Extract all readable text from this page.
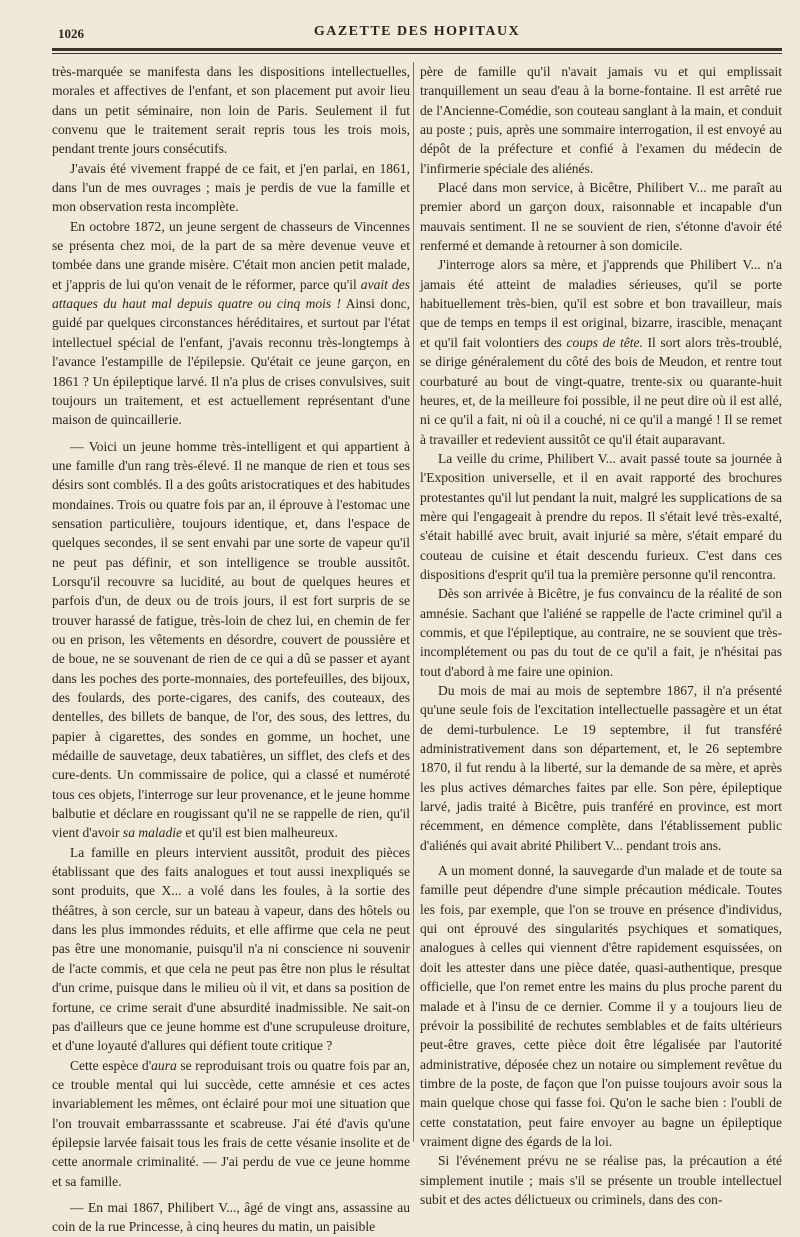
1026	GAZETTE DES HOPITAUX

très-marquée se manifesta dans les dispositions intellectuelles, morales et affectives de l'enfant, et son placement put avoir lieu dans un petit séminaire, non loin de Paris. Seulement il fut convenu que le traitement serait repris tous les trois mois, pendant trente jours consécutifs.

J'avais été vivement frappé de ce fait, et j'en parlai, en 1861, dans l'un de mes ouvrages ; mais je perdis de vue la famille et mon observation resta incomplète.

En octobre 1872, un jeune sergent de chasseurs de Vincennes se présenta chez moi, de la part de sa mère devenue veuve et tombée dans une grande misère. C'était mon ancien petit malade, et j'appris de lui qu'on venait de le réformer, parce qu'il avait des attaques du haut mal depuis quatre ou cinq mois ! Ainsi donc, guidé par quelques circonstances héréditaires, et surtout par l'état intellectuel spécial de l'enfant, j'avais reconnu très-longtemps à l'avance l'estampille de l'épilepsie. Qu'était ce jeune garçon, en 1861 ? Un épileptique larvé. Il n'a plus de crises convulsives, suit toujours un traitement, et est actuellement représentant d'une maison de quincaillerie.

— Voici un jeune homme très-intelligent et qui appartient à une famille d'un rang très-élevé. Il ne manque de rien et tous ses désirs sont comblés. Il a des goûts aristocratiques et des habitudes mondaines. Trois ou quatre fois par an, il éprouve à l'estomac une sensation particulière, toujours identique, et, dans l'espace de quelques secondes, il se sent envahi par une sorte de vapeur qu'il ne peut pas définir, et son intelligence se trouble aussitôt. Lorsqu'il recouvre sa lucidité, au bout de quelques heures et parfois d'un, de deux ou de trois jours, il est fort surpris de se trouver harassé de fatigue, très-loin de chez lui, en chemin de fer ou en prison, les vêtements en désordre, couvert de poussière et de boue, ne se souvenant de rien de ce qui a dû se passer et ayant dans les poches des porte-monnaies, des portefeuilles, des bijoux, des foulards, des porte-cigares, des canifs, des couteaux, des dentelles, des billets de banque, de l'or, des sous, des lettres, du papier à cigarettes, des sondes en gomme, un hochet, une médaille de sauvetage, deux tabatières, un sifflet, des clefs et des cure-dents. Un commissaire de police, qui a classé et numéroté tous ces objets, l'interroge sur leur provenance, et le jeune homme balbutie et déclare en rougissant qu'il ne se rappelle de rien, qu'il vient d'avoir sa maladie et qu'il est bien malheureux.

La famille en pleurs intervient aussitôt, produit des pièces établissant que des faits analogues et tout aussi inexpliqués se sont produits, que X... a volé dans les foules, à la sortie des théâtres, à son cercle, sur un bateau à vapeur, dans des hôtels ou dans les plus immondes réduits, et elle affirme que cela ne peut pas être une monomanie, puisqu'il n'a ni conscience ni souvenir de l'acte commis, et que cela ne peut pas être non plus le résultat d'un crime, puisque dans le milieu où il vit, et dans sa position de fortune, ce crime serait d'une absurdité inadmissible. Ne sait-on pas d'ailleurs que ce jeune homme est d'une scrupuleuse droiture, et d'une loyauté d'allures qui défient toute critique ?

Cette espèce d'aura se reproduisant trois ou quatre fois par an, ce trouble mental qui lui succède, cette amnésie et ces actes invariablement les mêmes, ont éclairé pour moi une situation que l'on trouvait embarrasssante et scabreuse. J'ai été d'avis qu'une épilepsie larvée faisait tous les frais de cette vésanie insolite et de cette anormale criminalité. — J'ai perdu de vue ce jeune homme et sa famille.

— En mai 1867, Philibert V..., âgé de vingt ans, assassine au coin de la rue Princesse, à cinq heures du matin, un paisible

père de famille qu'il n'avait jamais vu et qui emplissait tranquillement un seau d'eau à la borne-fontaine. Il est arrêté rue de l'Ancienne-Comédie, son couteau sanglant à la main, et conduit au poste ; puis, après une sommaire interrogation, il est envoyé au dépôt de la préfecture et confié à l'examen du médecin de l'infirmerie spéciale des aliénés.

Placé dans mon service, à Bicêtre, Philibert V... me paraît au premier abord un garçon doux, raisonnable et incapable d'un mauvais sentiment. Il ne se souvient de rien, s'étonne d'avoir été renfermé et demande à retourner à son domicile.

J'interroge alors sa mère, et j'apprends que Philibert V... n'a jamais été atteint de maladies sérieuses, qu'il se porte habituellement très-bien, qu'il est sobre et bon travailleur, mais que de temps en temps il est original, bizarre, irascible, menaçant et qu'il fait volontiers des coups de tête. Il sort alors très-troublé, se dirige généralement du côté des bois de Meudon, et rentre tout courbaturé au bout de vingt-quatre, trente-six ou quarante-huit heures, et, de la meilleure foi possible, il ne peut dire où il est allé, ni ce qu'il a fait, ni où il a couché, ni ce qu'il a mangé ! Il se remet à travailler et redevient aussitôt ce qu'il était auparavant.

La veille du crime, Philibert V... avait passé toute sa journée à l'Exposition universelle, et il en avait rapporté des brochures protestantes qu'il lut pendant la nuit, malgré les supplications de sa mère qui l'engageait à prendre du repos. Il s'était levé très-exalté, s'était habillé avec bruit, avait injurié sa mère, s'était emparé du couteau de cuisine et était descendu furieux. C'est dans ces dispositions d'esprit qu'il tua la première personne qu'il rencontra.

Dès son arrivée à Bicêtre, je fus convaincu de la réalité de son amnésie. Sachant que l'aliéné se rappelle de l'acte criminel qu'il a commis, et que l'épileptique, au contraire, ne se souvient que très-incomplétement ou pas du tout de ce qu'il a fait, je n'hésitai pas tout d'abord à me faire une opinion.

Du mois de mai au mois de septembre 1867, il n'a présenté qu'une seule fois de l'excitation intellectuelle passagère et un état de demi-turbulence. Le 19 septembre, il fut transféré administrativement dans son département, et, le 26 septembre 1870, il fut rendu à la liberté, sur la demande de sa mère, et après les plus actives démarches faites par elle. Son père, épileptique larvé, jadis traité à Bicêtre, puis tranféré en province, est mort récemment, en démence complète, dans l'établissement public d'aliénés qui avait abrité Philibert V... pendant trois ans.

A un moment donné, la sauvegarde d'un malade et de toute sa famille peut dépendre d'une simple précaution médicale. Toutes les fois, par exemple, que l'on se trouve en présence d'individus, qui ont éprouvé des singularités psychiques et somatiques, analogues à celles qui viennent d'être rapidement esquissées, on doit les attester dans une pièce datée, quasi-authentique, presque officielle, que l'on remet entre les mains du plus proche parent du malade et à l'insu de ce dernier. Comme il y a toujours lieu de prévoir la possibilité de rechutes semblables et de faits ultérieurs peut-être graves, cette pièce doit être légalisée par l'autorité administrative, déposée chez un notaire ou simplement revêtue du timbre de la poste, de façon que l'on puisse toujours avoir sous la main quelque chose qui fasse foi. Qu'on le sache bien : l'oubli de cette constatation, peut faire envoyer au bagne un épileptique vraiment digne des égards de la loi.

Si l'événement prévu ne se réalise pas, la précaution a été simplement inutile ; mais s'il se présente un trouble intellectuel subit et des actes délictueux ou criminels, dans des con-
